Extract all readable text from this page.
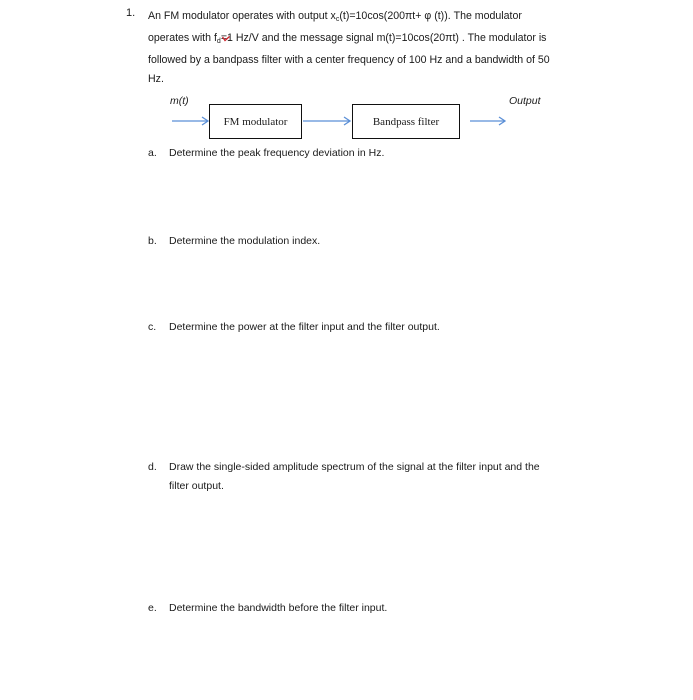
1. An FM modulator operates with output $x_c(t)=10\cos(200\pi t+ \varphi$ (t)). The modulator
operates with $f_d$
=1 Hz/V and the message signal m(t)=10cos(20πt) . The modulator is
followed by a bandpass filter with a center frequency of 100 Hz and a bandwidth of 50
Hz.
m(t)	Output
FM modulator	Bandpass filter
a. Determine the peak frequency deviation in Hz.
b. Determine the modulation index.
c. Determine the power at the filter input and the filter output.
d. Draw the single-sided amplitude spectrum of the signal at the filter input and the
filter output.
e. Determine the bandwidth before the filter input.
